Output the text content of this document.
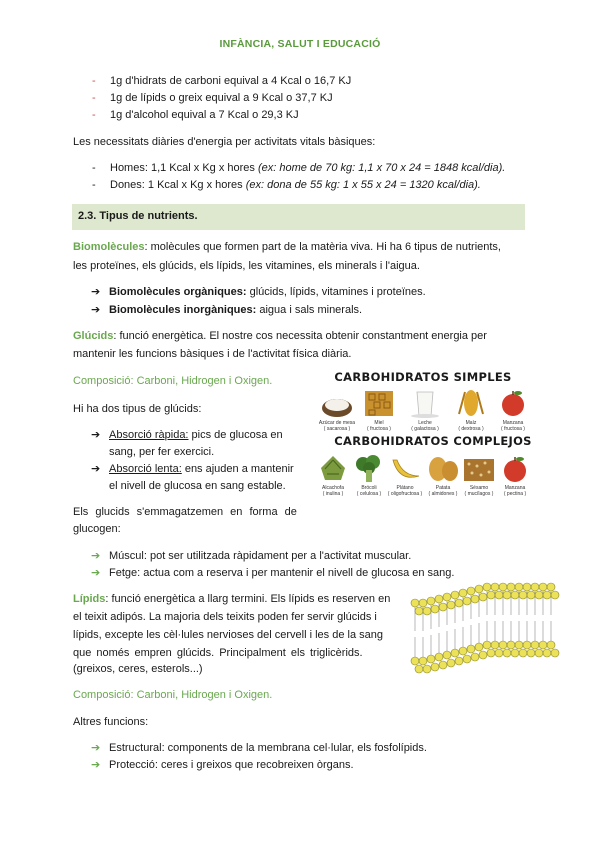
INFÀNCIA, SALUT I EDUCACIÓ
- 1g d'hidrats de carboni equival a 4 Kcal o 16,7 KJ
- 1g de lípids o greix equival a 9 Kcal o 37,7 KJ
- 1g d'alcohol equival a 7 Kcal o 29,3 KJ
Les necessitats diàries d'energia per activitats vitals bàsiques:
- Homes: 1,1 Kcal x Kg x hores (ex: home de 70 kg: 1,1 x 70 x 24 = 1848 kcal/dia).
- Dones: 1 Kcal x Kg x hores (ex: dona de 55 kg: 1 x 55 x 24 = 1320 kcal/dia).
2.3. Tipus de nutrients.
Biomolècules: molècules que formen part de la matèria viva. Hi ha 6 tipus de nutrients,
les proteïnes, els glúcids, els lípids, les vitamines, els minerals i l'aigua.
➔ Biomolècules orgàniques: glúcids, lípids, vitamines i proteïnes.
➔ Biomolècules inorgàniques: aigua i sals minerals.
Glúcids: funció energètica. El nostre cos necessita obtenir constantment energia per
mantenir les funcions bàsiques i de l'activitat física diària.
Composició: Carboni, Hidrogen i Oxigen.
Hi ha dos tipus de glúcids:
➔ Absorció ràpida: pics de glucosa en
sang, per fer exercici.
➔ Absorció lenta: ens ajuden a mantenir
el nivell de glucosa en sang estable.
Els glucids s'emmagatzemen en forma de
glucogen:
➔ Múscul: pot ser utilitzada ràpidament per a l'activitat muscular.
➔ Fetge: actua com a reserva i per mantenir el nivell de glucosa en sang.
CARBOHIDRATOS SIMPLES
Azúcar de mesa
( sacarosa )
Miel
( fructosa )
Leche
( galactosa )
Maíz
( dextrosa )
Manzana
( fructosa )
CARBOHIDRATOS COMPLEJOS
Alcachofa
( inulina )
Brócoli
( celulosa )
Plátano
( oligofructosa )
Patata
( almidones )
Sésamo
( mucílagos )
Manzana
( pectina )
Lípids: funció energètica a llarg termini. Els lípids es reserven en
el teixit adipós. La majoria dels teixits poden fer servir glúcids i
lípids, excepte les cèl·lules nervioses del cervell i les de la sang
que només empren glúcids. Principalment els triglicèrids.
(greixos, ceres, esterols...)
Composició: Carboni, Hidrogen i Oxigen.
Altres funcions:
➔ Estructural: components de la membrana cel·lular, els fosfolípids.
➔ Protecció: ceres i greixos que recobreixen òrgans.
